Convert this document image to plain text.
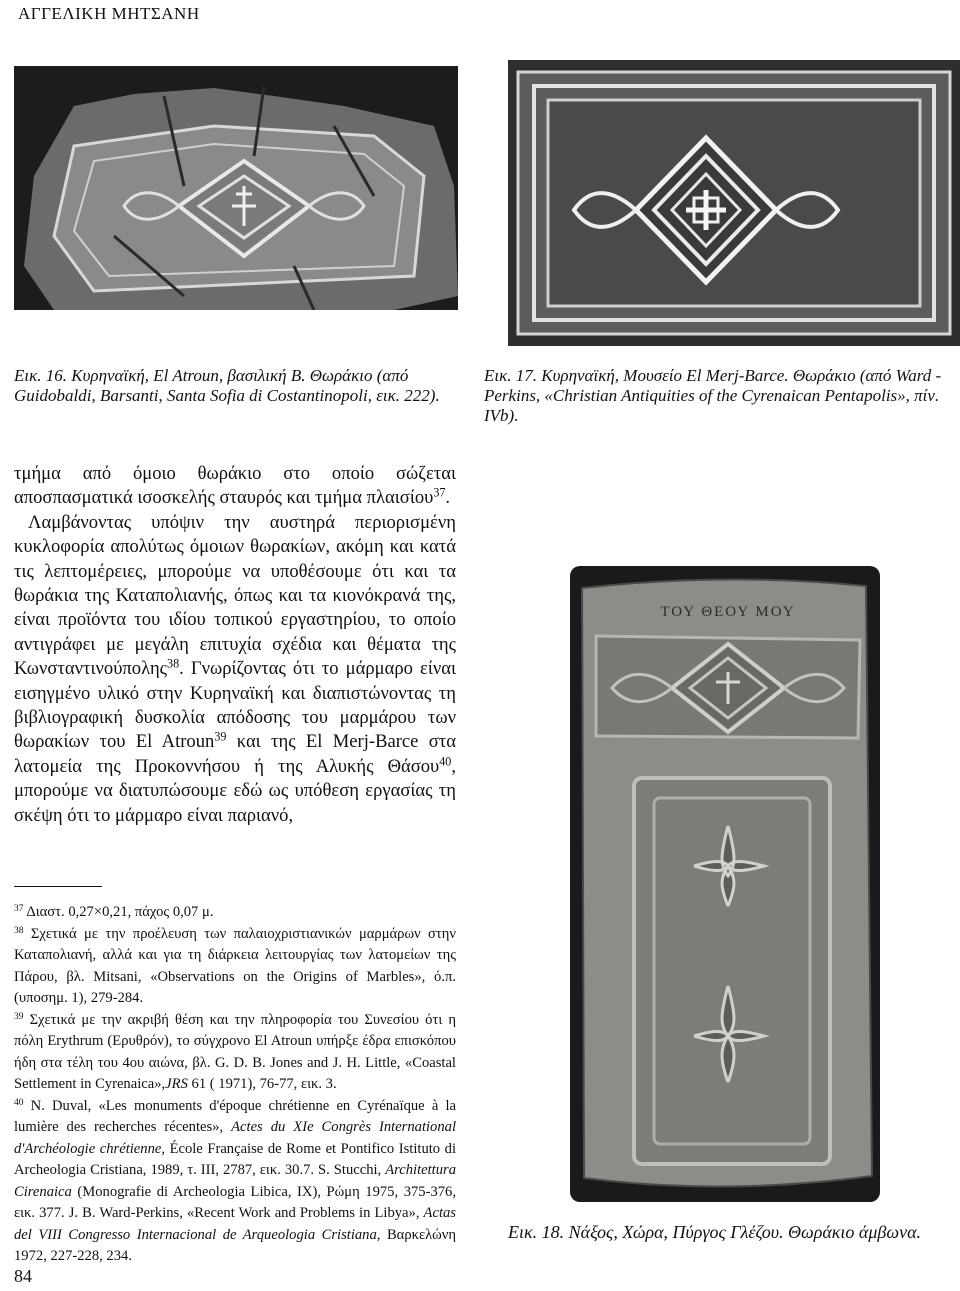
ΑΓΓΕΛΙΚΗ ΜΗΤΣΑΝΗ
Εικ. 16. Κυρηναϊκή, El Atroun, βασιλική Β. Θωράκιο (από Guidobaldi, Barsanti, Santa Sofia di Costantinopoli, εικ. 222).
Εικ. 17. Κυρηναϊκή, Μουσείο El Merj-Barce. Θωράκιο (από Ward - Perkins, «Christian Antiquities of the Cyrenaican Pentapolis», πίν. IVb).

τμήμα από όμοιο θωράκιο στο οποίο σώζεται αποσπασματικά ισοσκελής σταυρός και τμήμα πλαισίου$^{37}$.

Λαμβάνοντας υπόψιν την αυστηρά περιορισμένη κυκλοφορία απολύτως όμοιων θωρακίων, ακόμη και κατά τις λεπτομέρειες, μπορούμε να υποθέσουμε ότι και τα θωράκια της Καταπολιανής, όπως και τα κιονόκρανά της, είναι προϊόντα του ιδίου τοπικού εργαστηρίου, το οποίο αντιγράφει με μεγάλη επιτυχία σχέδια και θέματα της Κωνσταντινούπολης$^{38}$. Γνωρίζοντας ότι το μάρμαρο είναι εισηγμένο υλικό στην Κυρηναϊκή και διαπιστώνοντας τη βιβλιογραφική δυσκολία απόδοσης του μαρμάρου των θωρακίων του El Atroun$^{39}$ και της El Merj-Barce στα λατομεία της Προκοννήσου ή της Αλυκής Θάσου$^{40}$, μπορούμε να διατυπώσουμε εδώ ως υπόθεση εργασίας τη σκέψη ότι το μάρμαρο είναι παριανό,

$^{37}$ Διαστ. 0,27×0,21, πάχος 0,07 μ.

$^{38}$ Σχετικά με την προέλευση των παλαιοχριστιανικών μαρμάρων στην Καταπολιανή, αλλά και για τη διάρκεια λειτουργίας των λατομείων της Πάρου, βλ. Mitsani, «Observations on the Origins of Marbles», ό.π. (υποσημ. 1), 279-284.

$^{39}$ Σχετικά με την ακριβή θέση και την πληροφορία του Συνεσίου ότι η πόλη Erythrum (Ερυθρόν), το σύγχρονο El Atroun υπήρξε έδρα επισκόπου ήδη στα τέλη του 4ου αιώνα, βλ. G. D. B. Jones and J. H. Little, «Coastal Settlement in Cyrenaica»,JRS 61 ( 1971), 76-77, εικ. 3.

$^{40}$ N. Duval, «Les monuments d'époque chrétienne en Cyrénaïque à la lumière des recherches récentes», Actes du XIe Congrès International d'Archéologie chrétienne, École Française de Rome et Pontifico Istituto di Archeologia Cristiana, 1989, τ. III, 2787, εικ. 30.7. S. Stucchi, Architettura Cirenaica (Monografie di Archeologia Libica, IX), Ρώμη 1975, 375-376, εικ. 377. J. B. Ward-Perkins, «Recent Work and Problems in Libya», Actas del VIII Congresso Internacional de Arqueologia Cristiana, Βαρκελώνη 1972, 227-228, 234.

ΤΟΥ ΘΕΟΥ ΜΟΥ
Εικ. 18. Νάξος, Χώρα, Πύργος Γλέζου. Θωράκιο άμβωνα.
84
